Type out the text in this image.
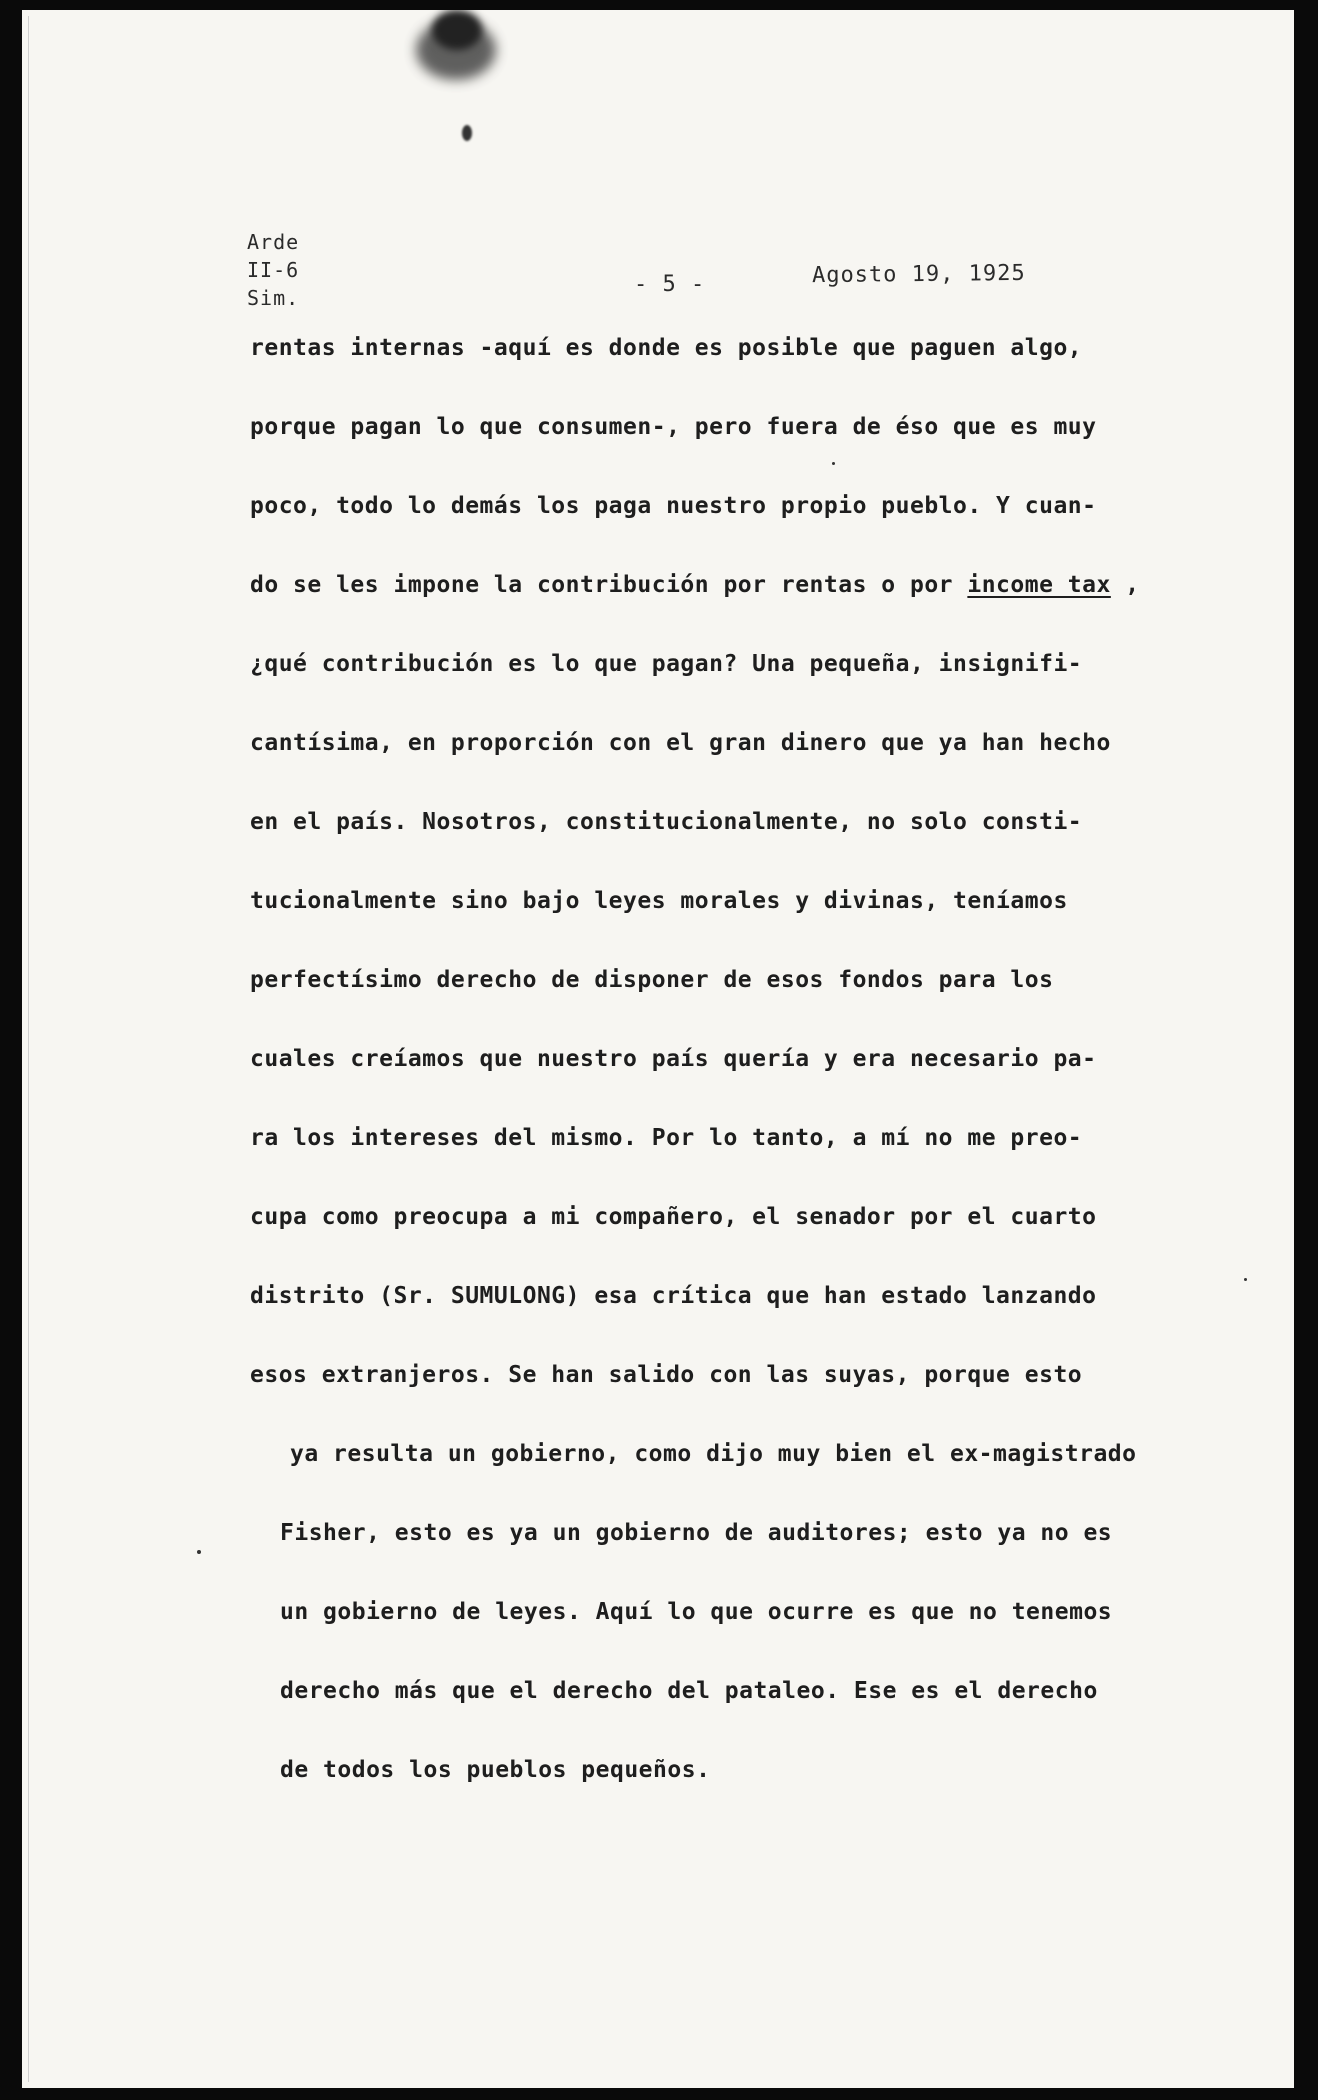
Arde
II-6
Sim.
- 5 -	Agosto 19, 1925
rentas internas -aquí es donde es posible que paguen algo,
porque pagan lo que consumen-, pero fuera de éso que es muy
poco, todo lo demás los paga nuestro propio pueblo. Y cuan-
do se les impone la contribución por rentas o por income tax ,
¿qué contribución es lo que pagan? Una pequeña, insignifi-
cantísima, en proporción con el gran dinero que ya han hecho
en el país. Nosotros, constitucionalmente, no solo consti-
tucionalmente sino bajo leyes morales y divinas, teníamos
perfectísimo derecho de disponer de esos fondos para los
cuales creíamos que nuestro país quería y era necesario pa-
ra los intereses del mismo. Por lo tanto, a mí no me preo-
cupa como preocupa a mi compañero, el senador por el cuarto
distrito (Sr. SUMULONG) esa crítica que han estado lanzando
esos extranjeros. Se han salido con las suyas, porque esto
ya resulta un gobierno, como dijo muy bien el ex-magistrado
Fisher, esto es ya un gobierno de auditores; esto ya no es
un gobierno de leyes. Aquí lo que ocurre es que no tenemos
derecho más que el derecho del pataleo. Ese es el derecho
de todos los pueblos pequeños.
